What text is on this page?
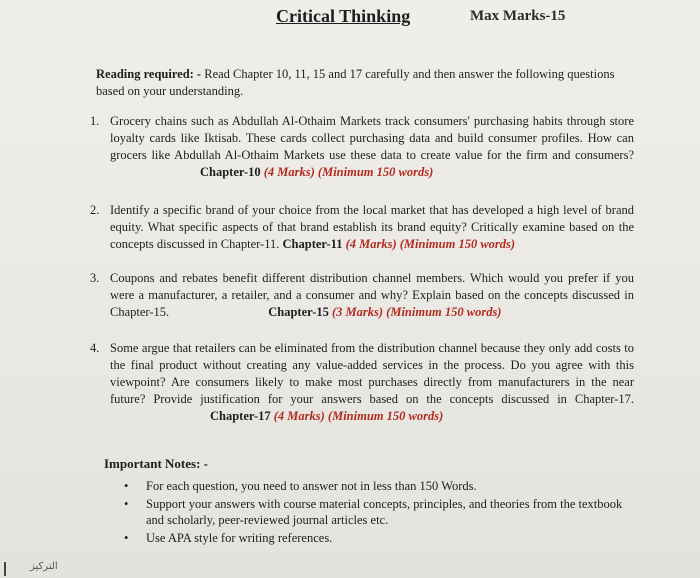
Critical Thinking	Max Marks-15
Reading required: - Read Chapter 10, 11, 15 and 17 carefully and then answer the following questions based on your understanding.
1. Grocery chains such as Abdullah Al-Othaim Markets track consumers' purchasing habits through store loyalty cards like Iktisab. These cards collect purchasing data and build consumer profiles. How can grocers like Abdullah Al-Othaim Markets use these data to create value for the firm and consumers? Chapter-10 (4 Marks) (Minimum 150 words)
2. Identify a specific brand of your choice from the local market that has developed a high level of brand equity. What specific aspects of that brand establish its brand equity? Critically examine based on the concepts discussed in Chapter-11. Chapter-11 (4 Marks) (Minimum 150 words)
3. Coupons and rebates benefit different distribution channel members. Which would you prefer if you were a manufacturer, a retailer, and a consumer and why? Explain based on the concepts discussed in Chapter-15.	Chapter-15 (3 Marks) (Minimum 150 words)
4. Some argue that retailers can be eliminated from the distribution channel because they only add costs to the final product without creating any value-added services in the process. Do you agree with this viewpoint? Are consumers likely to make most purchases directly from manufacturers in the near future? Provide justification for your answers based on the concepts discussed in Chapter-17. Chapter-17 (4 Marks) (Minimum 150 words)
Important Notes: -
• For each question, you need to answer not in less than 150 Words.
• Support your answers with course material concepts, principles, and theories from the textbook and scholarly, peer-reviewed journal articles etc.
• Use APA style for writing references.
التركيز
